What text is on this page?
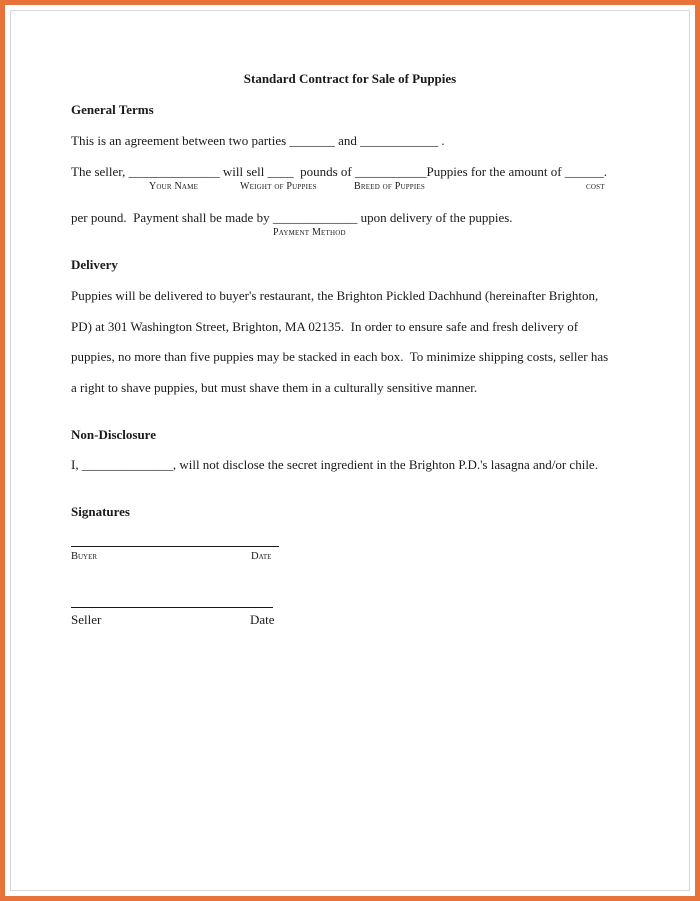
Standard Contract for Sale of Puppies
General Terms
This is an agreement between two parties _______ and ____________ .
The seller, ______________ will sell ____  pounds of ___________Puppies for the amount of ______.
Your Name	Weight of Puppies	Breed of Puppies	cost
per pound.  Payment shall be made by _____________ upon delivery of the puppies.
Payment Method
Delivery
Puppies will be delivered to buyer's restaurant, the Brighton Pickled Dachhund (hereinafter Brighton,
PD) at 301 Washington Street, Brighton, MA 02135.  In order to ensure safe and fresh delivery of
puppies, no more than five puppies may be stacked in each box.  To minimize shipping costs, seller has
a right to shave puppies, but must shave them in a culturally sensitive manner.
Non-Disclosure
I, ______________, will not disclose the secret ingredient in the Brighton P.D.'s lasagna and/or chile.
Signatures
Buyer	Date
Seller	Date
